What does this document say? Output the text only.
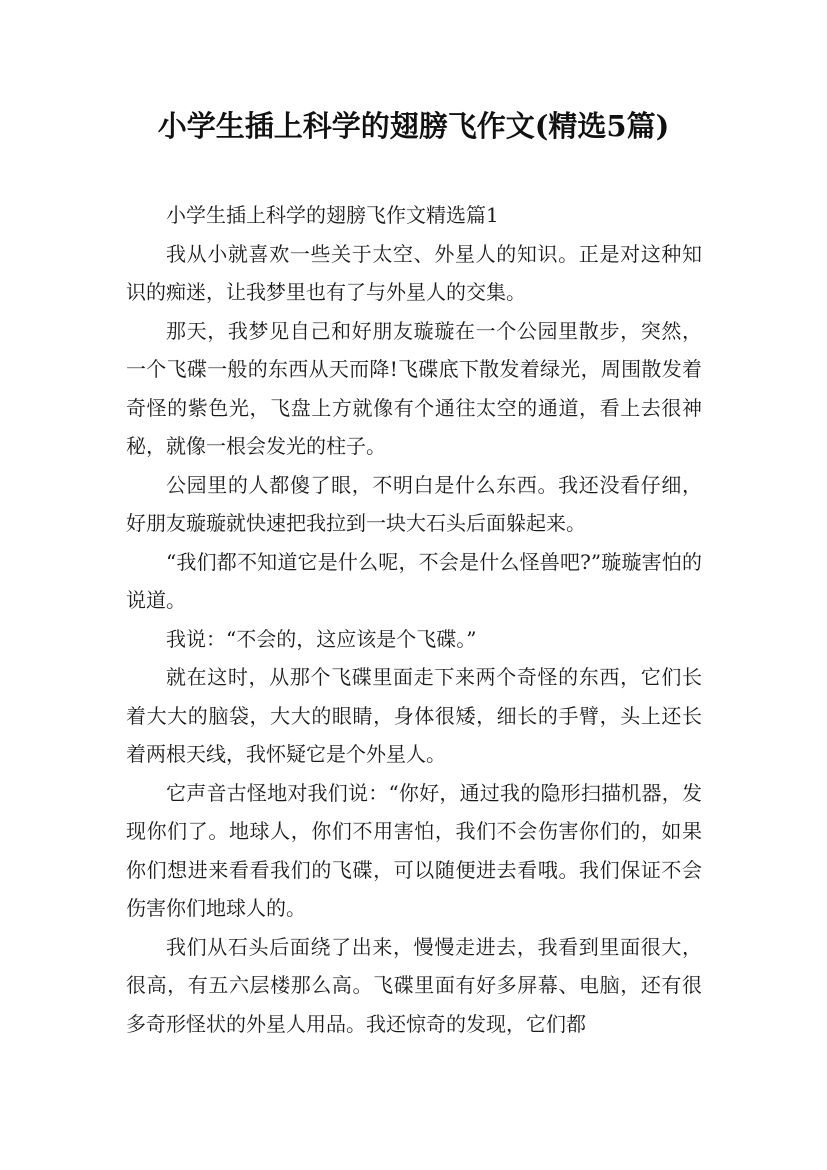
小学生插上科学的翅膀飞作文(精选5篇)

小学生插上科学的翅膀飞作文精选篇1

我从小就喜欢一些关于太空、外星人的知识。正是对这种知识的痴迷，让我梦里也有了与外星人的交集。

那天，我梦见自己和好朋友璇璇在一个公园里散步，突然，一个飞碟一般的东西从天而降!飞碟底下散发着绿光，周围散发着奇怪的紫色光，飞盘上方就像有个通往太空的通道，看上去很神秘，就像一根会发光的柱子。

公园里的人都傻了眼，不明白是什么东西。我还没看仔细，好朋友璇璇就快速把我拉到一块大石头后面躲起来。

“我们都不知道它是什么呢，不会是什么怪兽吧?”璇璇害怕的说道。

我说：“不会的，这应该是个飞碟。”

就在这时，从那个飞碟里面走下来两个奇怪的东西，它们长着大大的脑袋，大大的眼睛，身体很矮，细长的手臂，头上还长着两根天线，我怀疑它是个外星人。

它声音古怪地对我们说：“你好，通过我的隐形扫描机器，发现你们了。地球人，你们不用害怕，我们不会伤害你们的，如果你们想进来看看我们的飞碟，可以随便进去看哦。我们保证不会伤害你们地球人的。

我们从石头后面绕了出来，慢慢走进去，我看到里面很大，很高，有五六层楼那么高。飞碟里面有好多屏幕、电脑，还有很多奇形怪状的外星人用品。我还惊奇的发现，它们都
